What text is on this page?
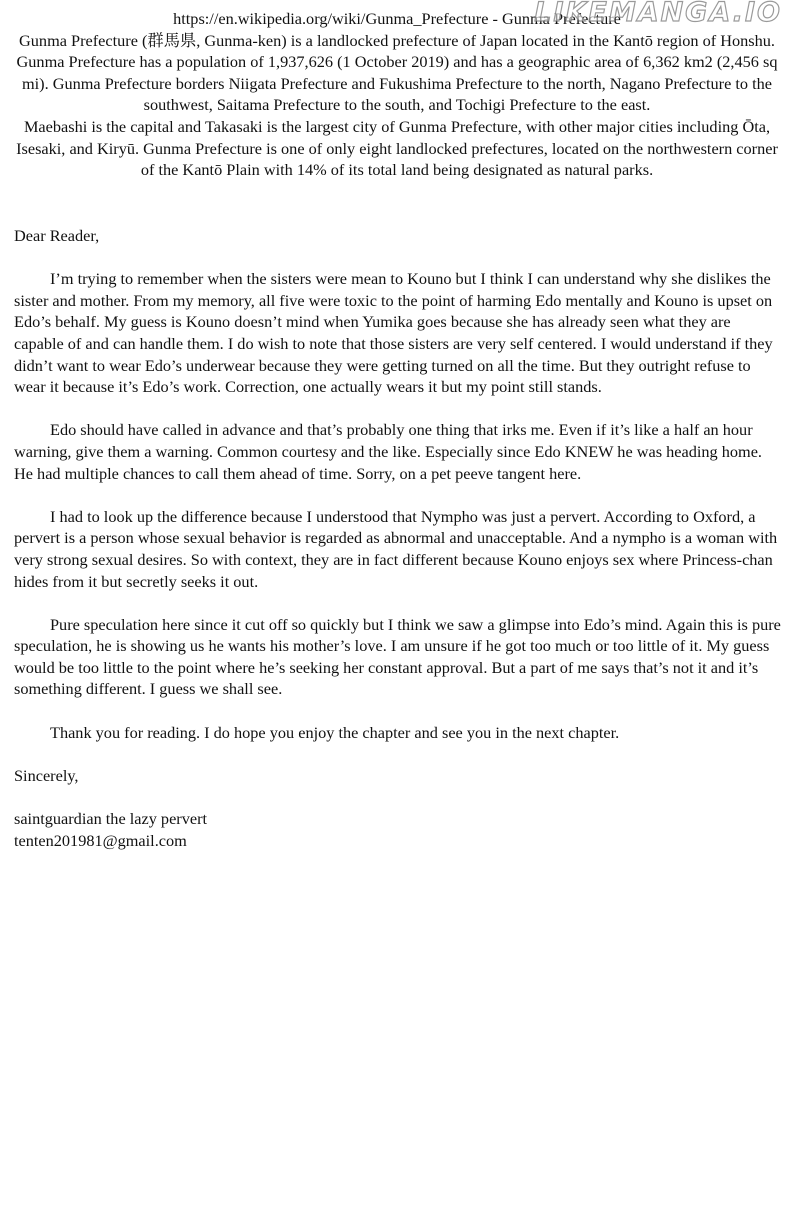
https://en.wikipedia.org/wiki/Gunma_Prefecture - Gunma Prefecture

Gunma Prefecture (群馬県, Gunma-ken) is a landlocked prefecture of Japan located in the Kantō region of Honshu. Gunma Prefecture has a population of 1,937,626 (1 October 2019) and has a geographic area of 6,362 km2 (2,456 sq mi). Gunma Prefecture borders Niigata Prefecture and Fukushima Prefecture to the north, Nagano Prefecture to the southwest, Saitama Prefecture to the south, and Tochigi Prefecture to the east.

Maebashi is the capital and Takasaki is the largest city of Gunma Prefecture, with other major cities including Ōta, Isesaki, and Kiryū. Gunma Prefecture is one of only eight landlocked prefectures, located on the northwestern corner of the Kantō Plain with 14% of its total land being designated as natural parks.

Dear Reader,

I’m trying to remember when the sisters were mean to Kouno but I think I can understand why she dislikes the sister and mother. From my memory, all five were toxic to the point of harming Edo mentally and Kouno is upset on Edo’s behalf. My guess is Kouno doesn’t mind when Yumika goes because she has already seen what they are capable of and can handle them. I do wish to note that those sisters are very self centered. I would understand if they didn’t want to wear Edo’s underwear because they were getting turned on all the time. But they outright refuse to wear it because it’s Edo’s work. Correction, one actually wears it but my point still stands.

Edo should have called in advance and that’s probably one thing that irks me. Even if it’s like a half an hour warning, give them a warning. Common courtesy and the like. Especially since Edo KNEW he was heading home. He had multiple chances to call them ahead of time. Sorry, on a pet peeve tangent here.

I had to look up the difference because I understood that Nympho was just a pervert. According to Oxford, a pervert is a person whose sexual behavior is regarded as abnormal and unacceptable. And a nympho is a woman with very strong sexual desires. So with context, they are in fact different because Kouno enjoys sex where Princess-chan hides from it but secretly seeks it out.

Pure speculation here since it cut off so quickly but I think we saw a glimpse into Edo’s mind. Again this is pure speculation, he is showing us he wants his mother’s love. I am unsure if he got too much or too little of it. My guess would be too little to the point where he’s seeking her constant approval. But a part of me says that’s not it and it’s something different. I guess we shall see.

Thank you for reading. I do hope you enjoy the chapter and see you in the next chapter.

Sincerely,

saintguardian the lazy pervert

tenten201981@gmail.com

LIKEMANGA.IO
